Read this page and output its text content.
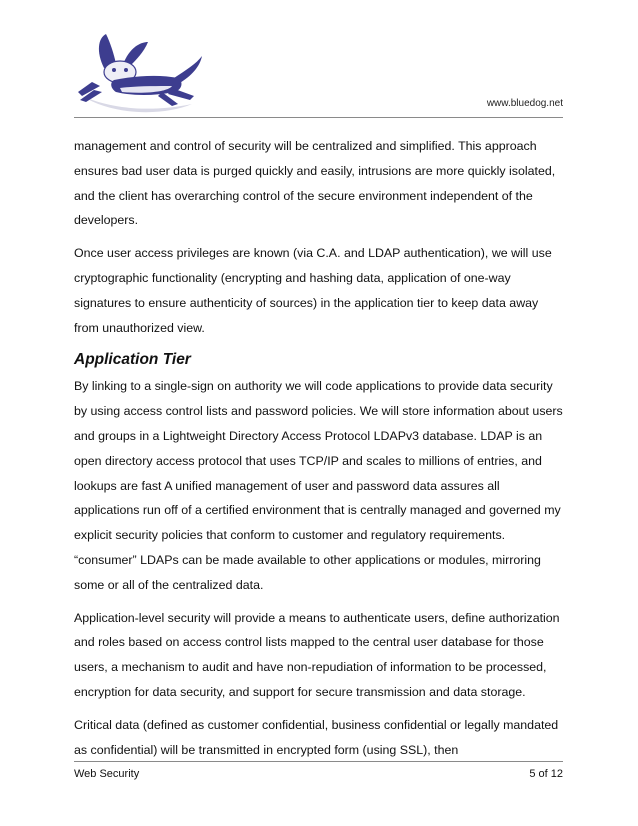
www.bluedog.net

management and control of security will be centralized and simplified. This approach ensures bad user data is purged quickly and easily, intrusions are more quickly isolated, and the client has overarching control of the secure environment independent of the developers.

Once user access privileges are known (via C.A. and LDAP authentication), we will use cryptographic functionality (encrypting and hashing data, application of one-way signatures to ensure authenticity of sources) in the application tier to keep data away from unauthorized view.

Application Tier

By linking to a single-sign on authority we will code applications to provide data security by using access control lists and password policies. We will store information about users and groups in a Lightweight Directory Access Protocol LDAPv3 database. LDAP is an open directory access protocol that uses TCP/IP and scales to millions of entries, and lookups are fast A unified management of user and password data assures all applications run off of a certified environment that is centrally managed and governed my explicit security policies that conform to customer and regulatory requirements. “consumer” LDAPs can be made available to other applications or modules, mirroring some or all of the centralized data.

Application-level security will provide a means to authenticate users, define authorization and roles based on access control lists mapped to the central user database for those users, a mechanism to audit and have non-repudiation of information to be processed, encryption for data security, and support for secure transmission and data storage.

Critical data (defined as customer confidential, business confidential or legally mandated as confidential) will be transmitted in encrypted form (using SSL), then

Web Security	5 of 12
